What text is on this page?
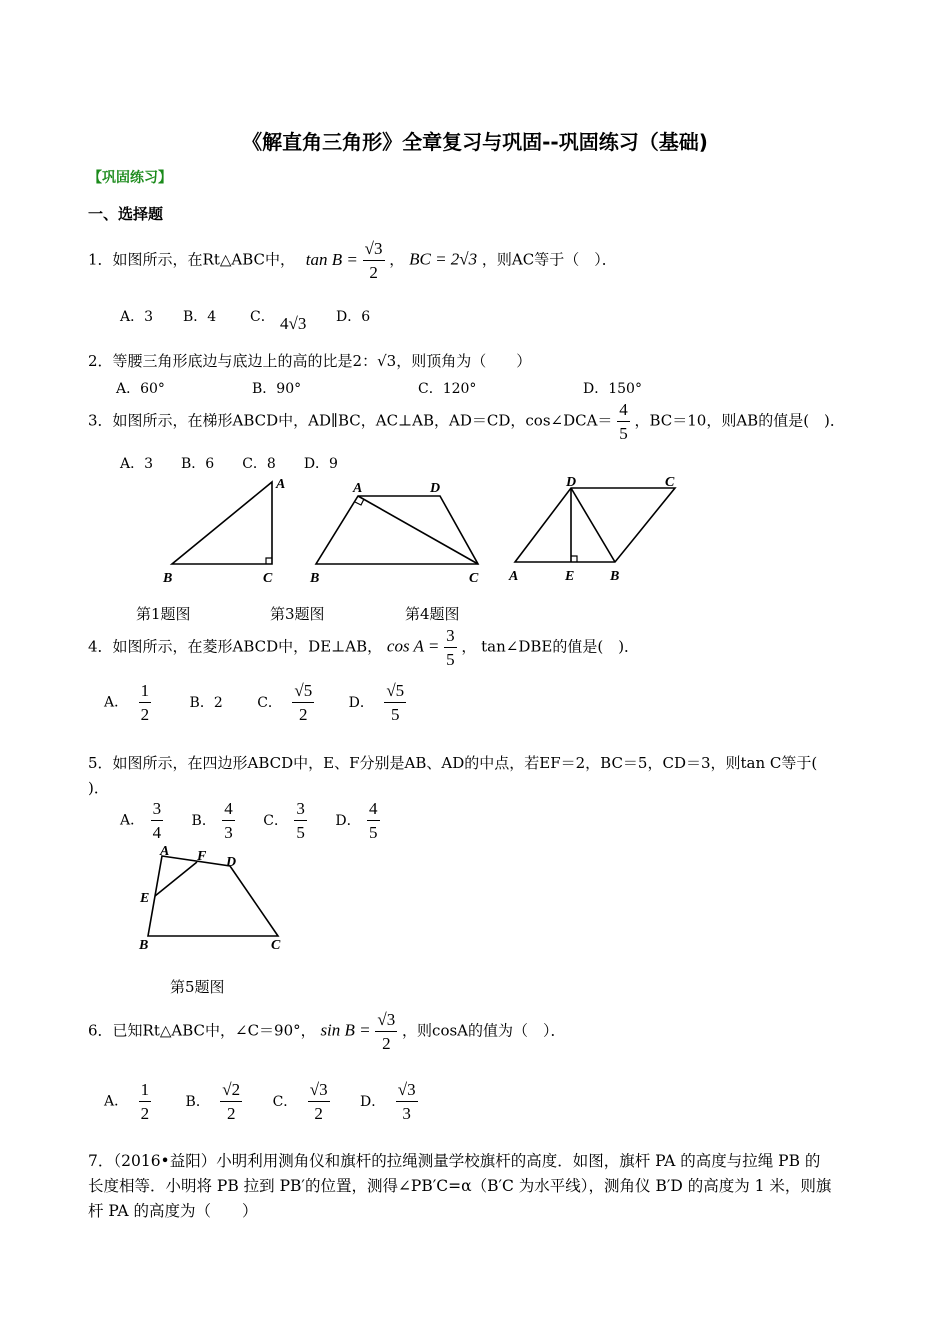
《解直角三角形》全章复习与巩固--巩固练习（基础)
【巩固练习】
一、选择题
1．如图所示，在Rt△ABC中， $\tan B = \frac{√3}{2}$ ， BC = 2√3 ，则AC等于（　）．
A．3 B．4 C． 4√3 D．6
2．等腰三角形底边与底边上的高的比是2：√3，则顶角为（　　）
A．60°	B．90°	C．120°	D．150°
3．如图所示，在梯形ABCD中，AD∥BC，AC⊥AB，AD＝CD，cos∠DCA＝ $\frac{4}{5}$ ，BC＝10，则AB的值是(　)．
A．3　　B．6　　C．8　　D．9
A
B	C
A	D
B	C
D	C
A	E	B
第1题图	第3题图	第4题图
4．如图所示，在菱形ABCD中，DE⊥AB， $\cos A = \frac{3}{5}$ ， tan∠DBE的值是(　)．
A． $\frac{1}{2}$	B．2 C． $\frac{√5}{2}$ D． $\frac{√5}{5}$
5．如图所示，在四边形ABCD中，E、F分别是AB、AD的中点，若EF＝2，BC＝5，CD＝3，则tan C等于(
)．
A． $\frac{3}{4}$ B． $\frac{4}{3}$ C． $\frac{3}{5}$ D． $\frac{4}{5}$
A F D
E
B	C
第5题图
6．已知Rt△ABC中，∠C＝90°， $\sin B = \frac{√3}{2}$ ，则cosA的值为（　）．
A． $\frac{1}{2}$ B． $\frac{√2}{2}$ C． $\frac{√3}{2}$ D． $\frac{√3}{3}$
7．（2016•益阳）小明利用测角仪和旗杆的拉绳测量学校旗杆的高度．如图，旗杆 PA 的高度与拉绳 PB 的
长度相等．小明将 PB 拉到 PB′的位置，测得∠PB′C=α（B′C 为水平线），测角仪 B′D 的高度为 1 米，则旗
杆 PA 的高度为（　　）
